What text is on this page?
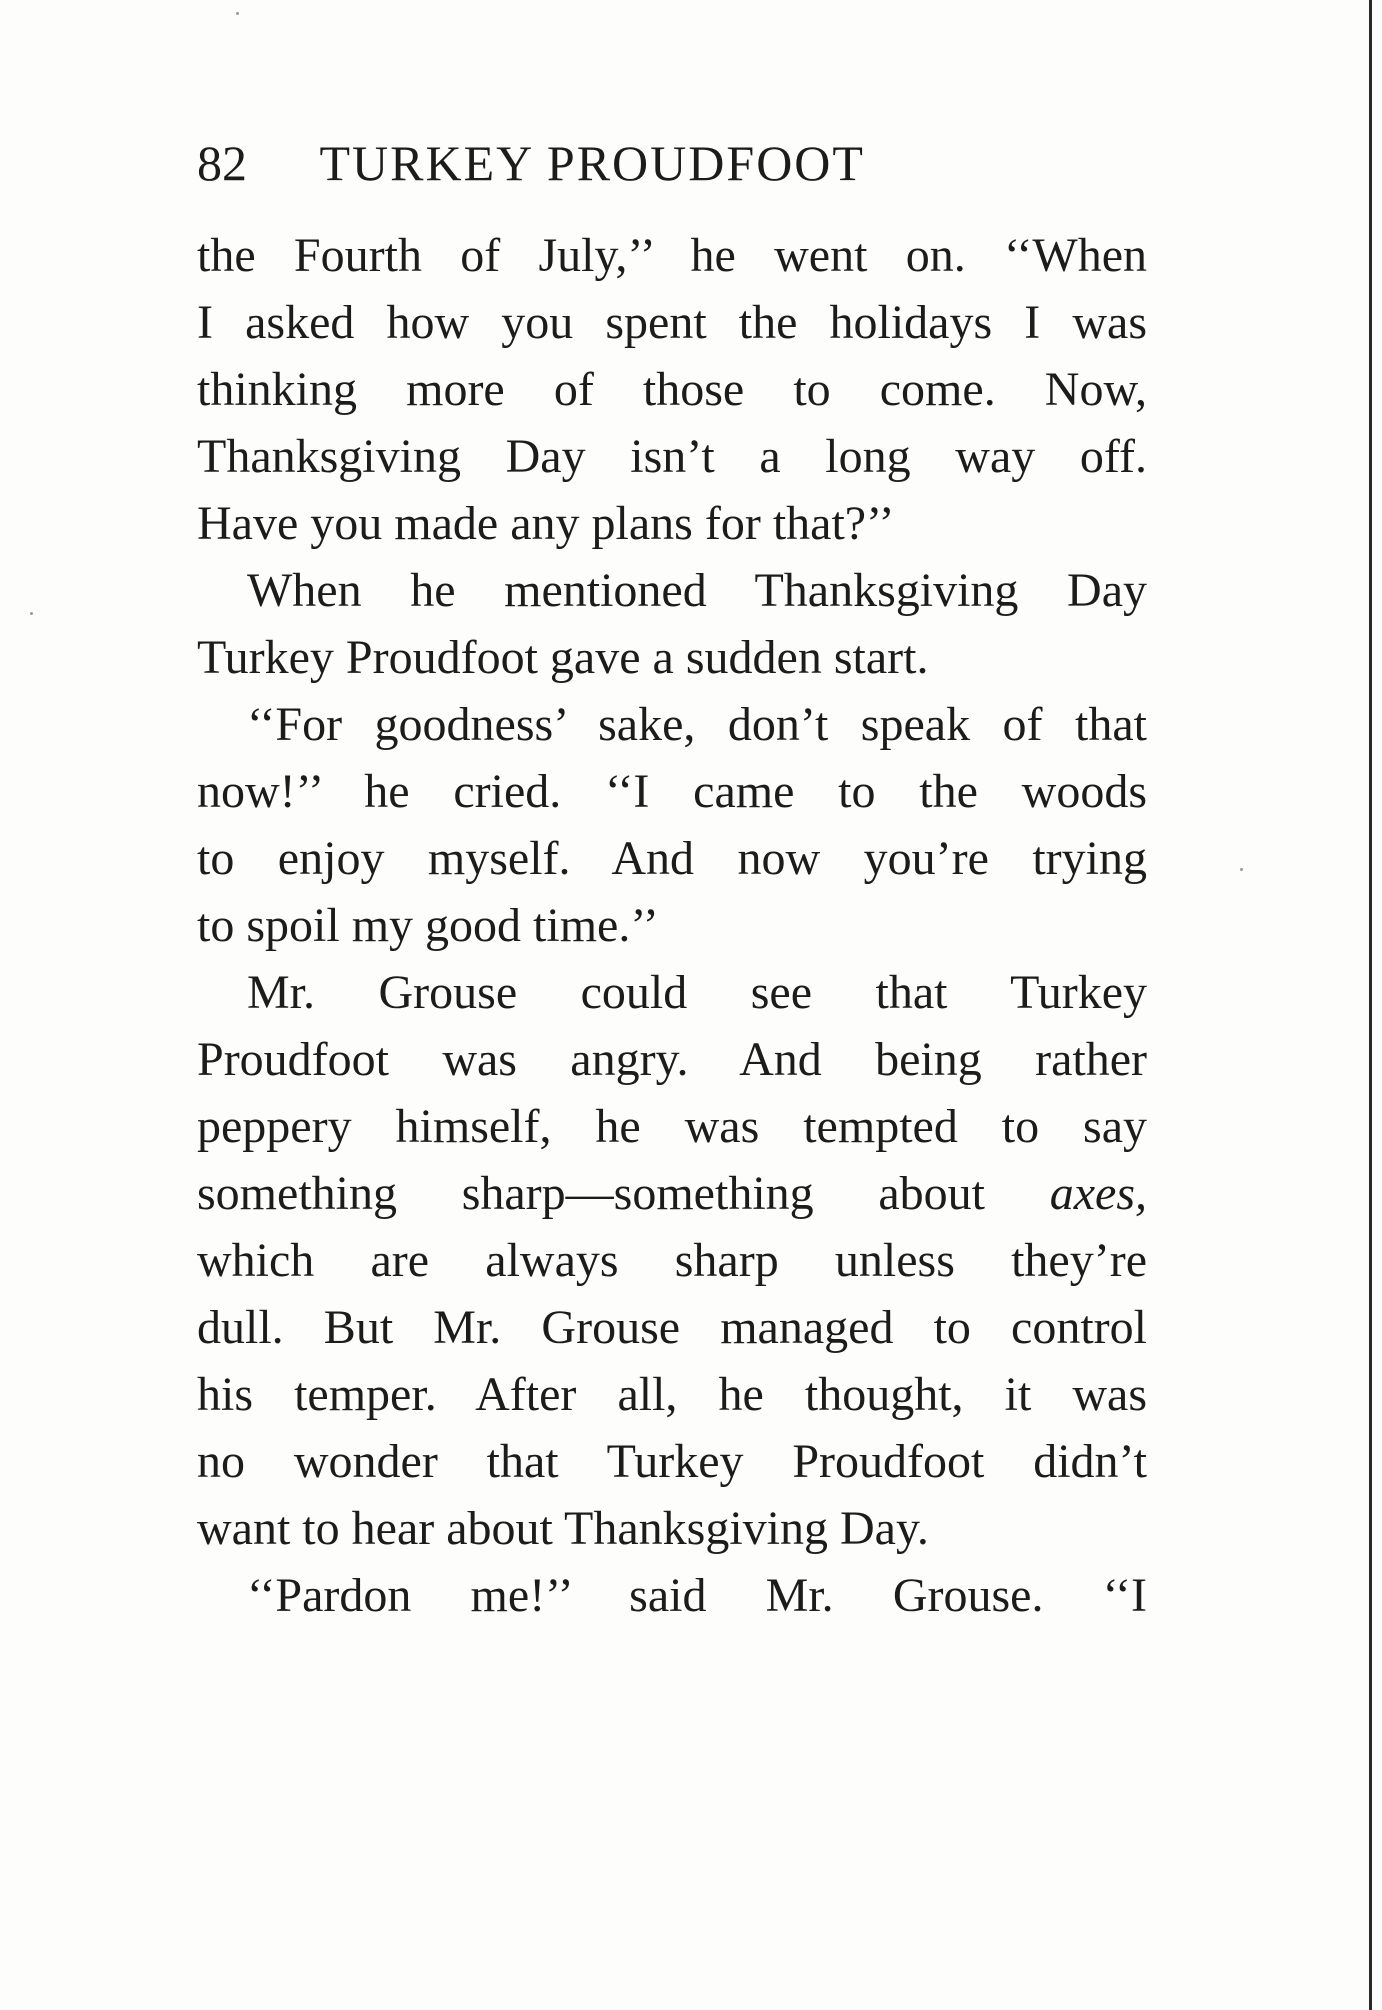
82 TURKEY PROUDFOOT
the Fourth of July,’’ he went on. ‘‘When
I asked how you spent the holidays I was
thinking more of those to come. Now,
Thanksgiving Day isn’t a long way off.
Have you made any plans for that?’’
When he mentioned Thanksgiving Day
Turkey Proudfoot gave a sudden start.
‘‘For goodness’ sake, don’t speak of that
now!’’ he cried. ‘‘I came to the woods
to enjoy myself. And now you’re trying
to spoil my good time.’’
Mr. Grouse could see that Turkey
Proudfoot was angry. And being rather
peppery himself, he was tempted to say
something sharp—something about axes,
which are always sharp unless they’re
dull. But Mr. Grouse managed to control
his temper. After all, he thought, it was
no wonder that Turkey Proudfoot didn’t
want to hear about Thanksgiving Day.
‘‘Pardon me!’’ said Mr. Grouse. ‘‘I
